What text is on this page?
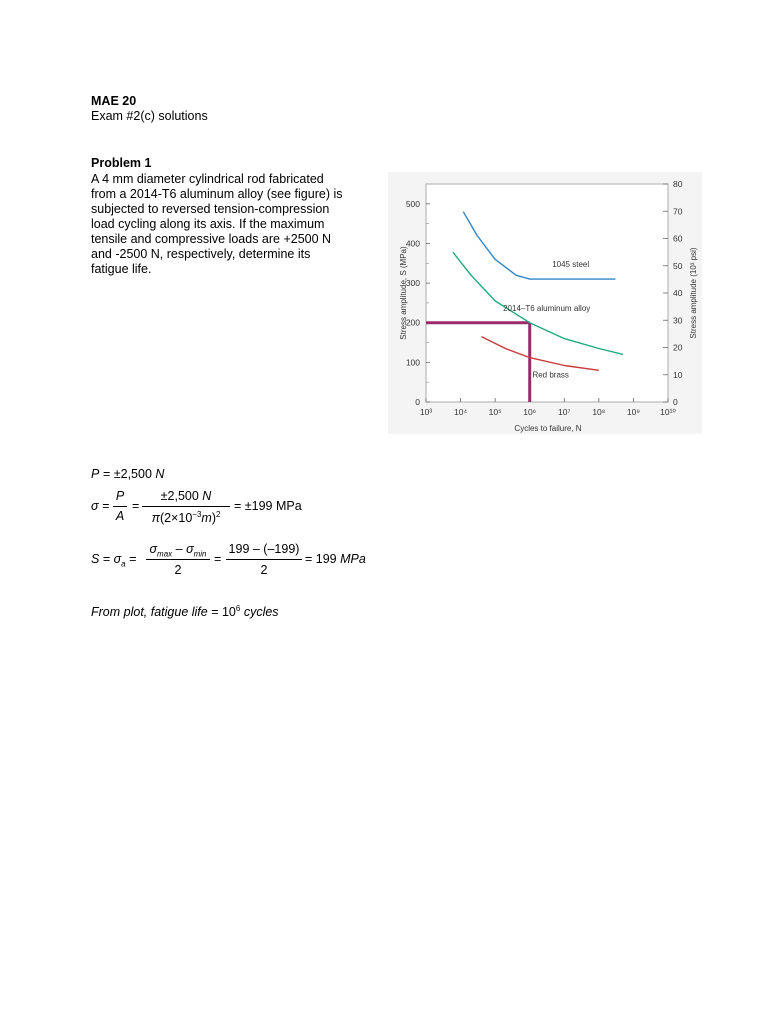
MAE 20
Exam #2(c) solutions
Problem 1
A 4 mm diameter cylindrical rod fabricated
from a 2014-T6 aluminum alloy (see figure) is
subjected to reversed tension-compression
load cycling along its axis. If the maximum
tensile and compressive loads are +2500 N
and -2500 N, respectively, determine its
fatigue life.
10³	10⁴	10⁵	10⁶	10⁷	10⁸	10⁹ 10¹⁰
0
100
200
300
400
500
0
10
20
30
40
50
60
70
80
1045 steel
2014–T6 aluminum alloy
Red brass
Stress amplitude, S (MPa)	Stress amplitude (10³ psi)
Cycles to failure, N
P = ±2,500 N
σ =
P
A
=
±2,500 N
$\pi(2\times 10^{-3}m)^2$
= ±199 MPa
$S = \sigma_a$ =
$\sigma_{max} - \sigma_{min}$
2
=
199 – (–199)
2
= 199 MPa
From plot, fatigue life = $10^6$ cycles
